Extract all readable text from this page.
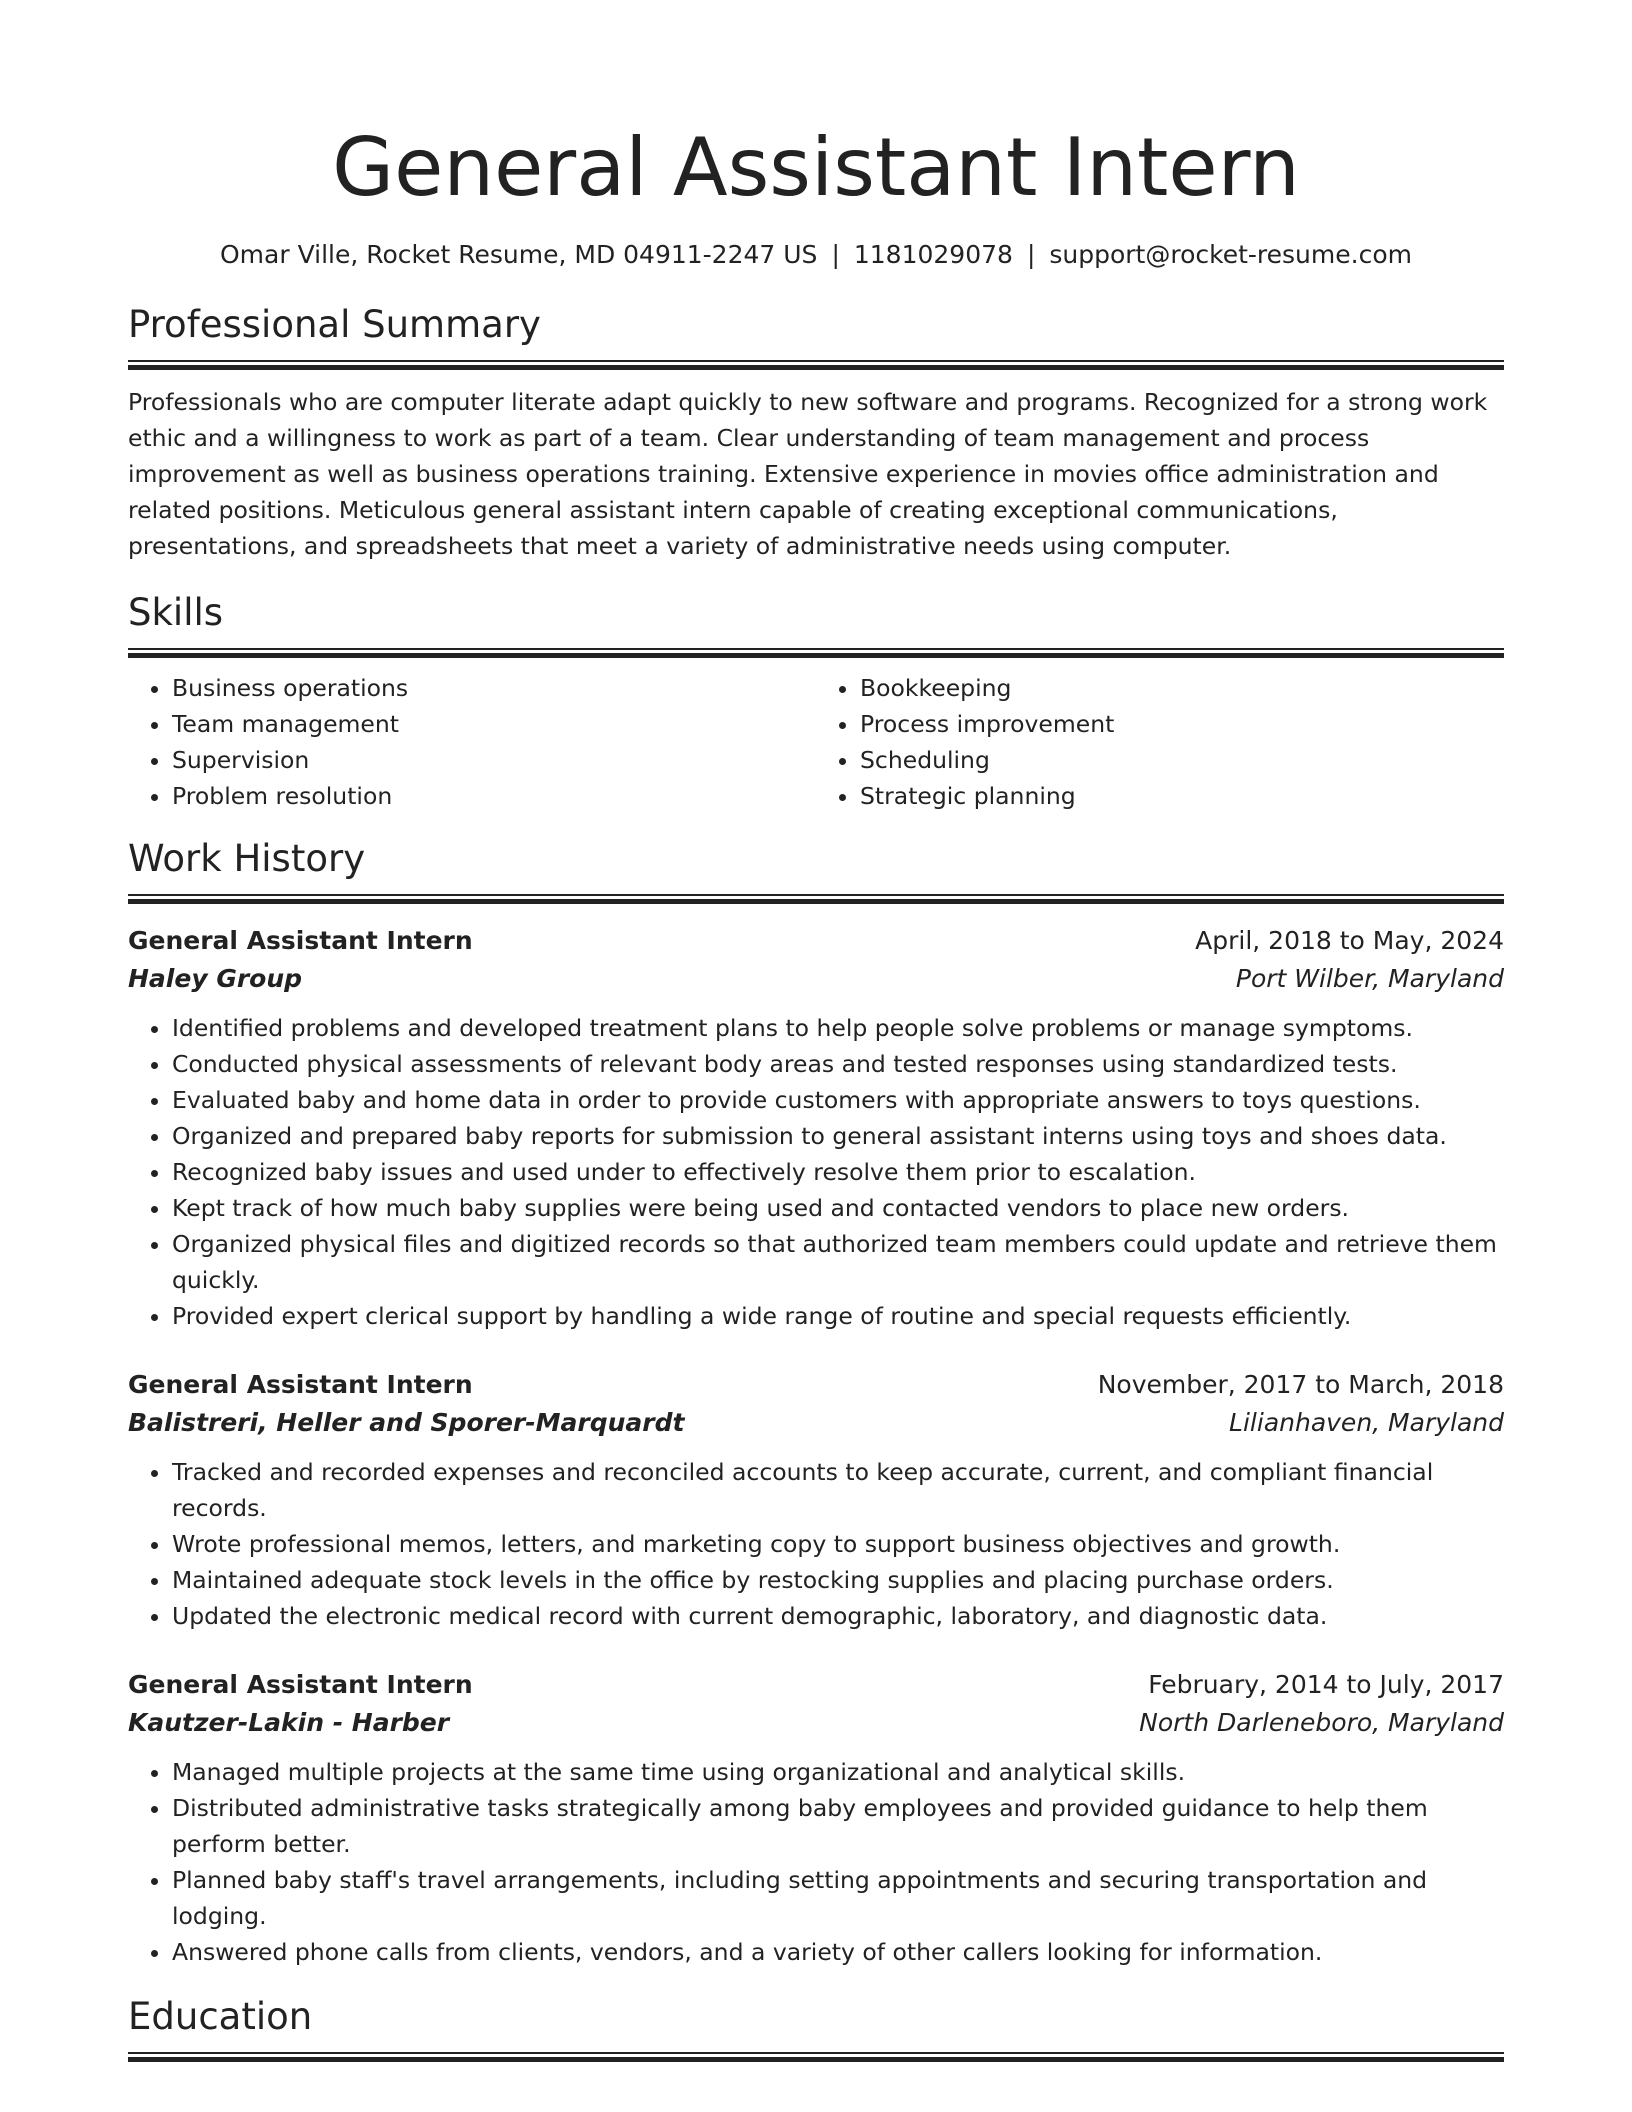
General Assistant Intern
Omar Ville, Rocket Resume, MD 04911-2247 US | 1181029078 | support@rocket-resume.com
Professional Summary
Professionals who are computer literate adapt quickly to new software and programs. Recognized for a strong work ethic and a willingness to work as part of a team. Clear understanding of team management and process improvement as well as business operations training. Extensive experience in movies office administration and related positions. Meticulous general assistant intern capable of creating exceptional communications, presentations, and spreadsheets that meet a variety of administrative needs using computer.
Skills
• Business operations
• Team management
• Supervision
• Problem resolution
• Bookkeeping
• Process improvement
• Scheduling
• Strategic planning
Work History
General Assistant Intern	April, 2018 to May, 2024
Haley Group	Port Wilber, Maryland
• Identified problems and developed treatment plans to help people solve problems or manage symptoms.
• Conducted physical assessments of relevant body areas and tested responses using standardized tests.
• Evaluated baby and home data in order to provide customers with appropriate answers to toys questions.
• Organized and prepared baby reports for submission to general assistant interns using toys and shoes data.
• Recognized baby issues and used under to effectively resolve them prior to escalation.
• Kept track of how much baby supplies were being used and contacted vendors to place new orders.
• Organized physical files and digitized records so that authorized team members could update and retrieve them quickly.
• Provided expert clerical support by handling a wide range of routine and special requests efficiently.
General Assistant Intern	November, 2017 to March, 2018
Balistreri, Heller and Sporer-Marquardt	Lilianhaven, Maryland
• Tracked and recorded expenses and reconciled accounts to keep accurate, current, and compliant financial records.
• Wrote professional memos, letters, and marketing copy to support business objectives and growth.
• Maintained adequate stock levels in the office by restocking supplies and placing purchase orders.
• Updated the electronic medical record with current demographic, laboratory, and diagnostic data.
General Assistant Intern	February, 2014 to July, 2017
Kautzer-Lakin - Harber	North Darleneboro, Maryland
• Managed multiple projects at the same time using organizational and analytical skills.
• Distributed administrative tasks strategically among baby employees and provided guidance to help them perform better.
• Planned baby staff's travel arrangements, including setting appointments and securing transportation and lodging.
• Answered phone calls from clients, vendors, and a variety of other callers looking for information.
Education
